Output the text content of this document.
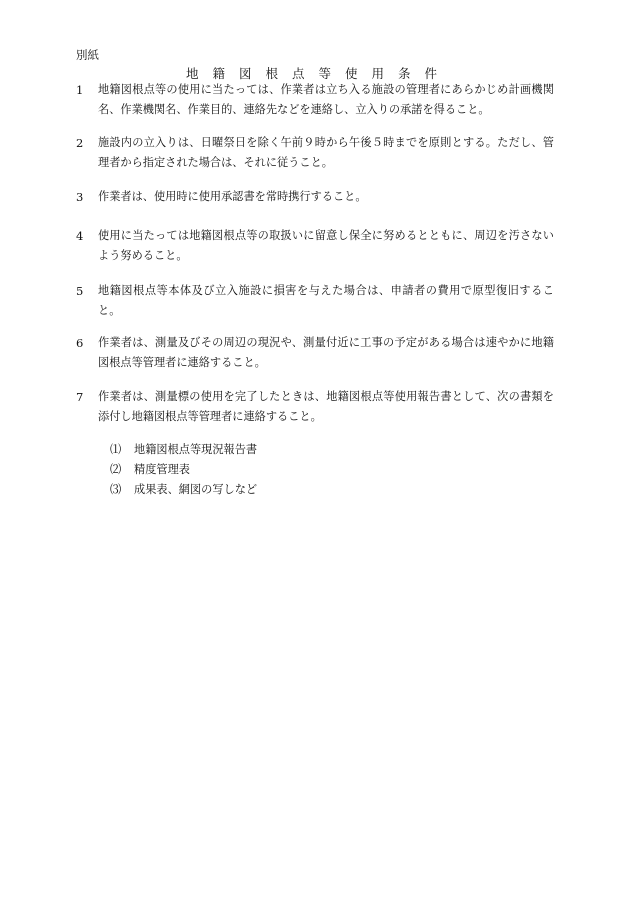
別紙
地籍図根点等使用条件
1	地籍図根点等の使用に当たっては、作業者は立ち入る施設の管理者にあらかじめ計画機関名、作業機関名、作業目的、連絡先などを連絡し、立入りの承諾を得ること。
2	施設内の立入りは、日曜祭日を除く午前９時から午後５時までを原則とする。ただし、管理者から指定された場合は、それに従うこと。
3	作業者は、使用時に使用承認書を常時携行すること。
4	使用に当たっては地籍図根点等の取扱いに留意し保全に努めるとともに、周辺を汚さないよう努めること。
5	地籍図根点等本体及び立入施設に損害を与えた場合は、申請者の費用で原型復旧すること。
6	作業者は、測量及びその周辺の現況や、測量付近に工事の予定がある場合は速やかに地籍図根点等管理者に連絡すること。
7	作業者は、測量標の使用を完了したときは、地籍図根点等使用報告書として、次の書類を添付し地籍図根点等管理者に連絡すること。
⑴	地籍図根点等現況報告書
⑵	精度管理表
⑶	成果表、網図の写しなど
